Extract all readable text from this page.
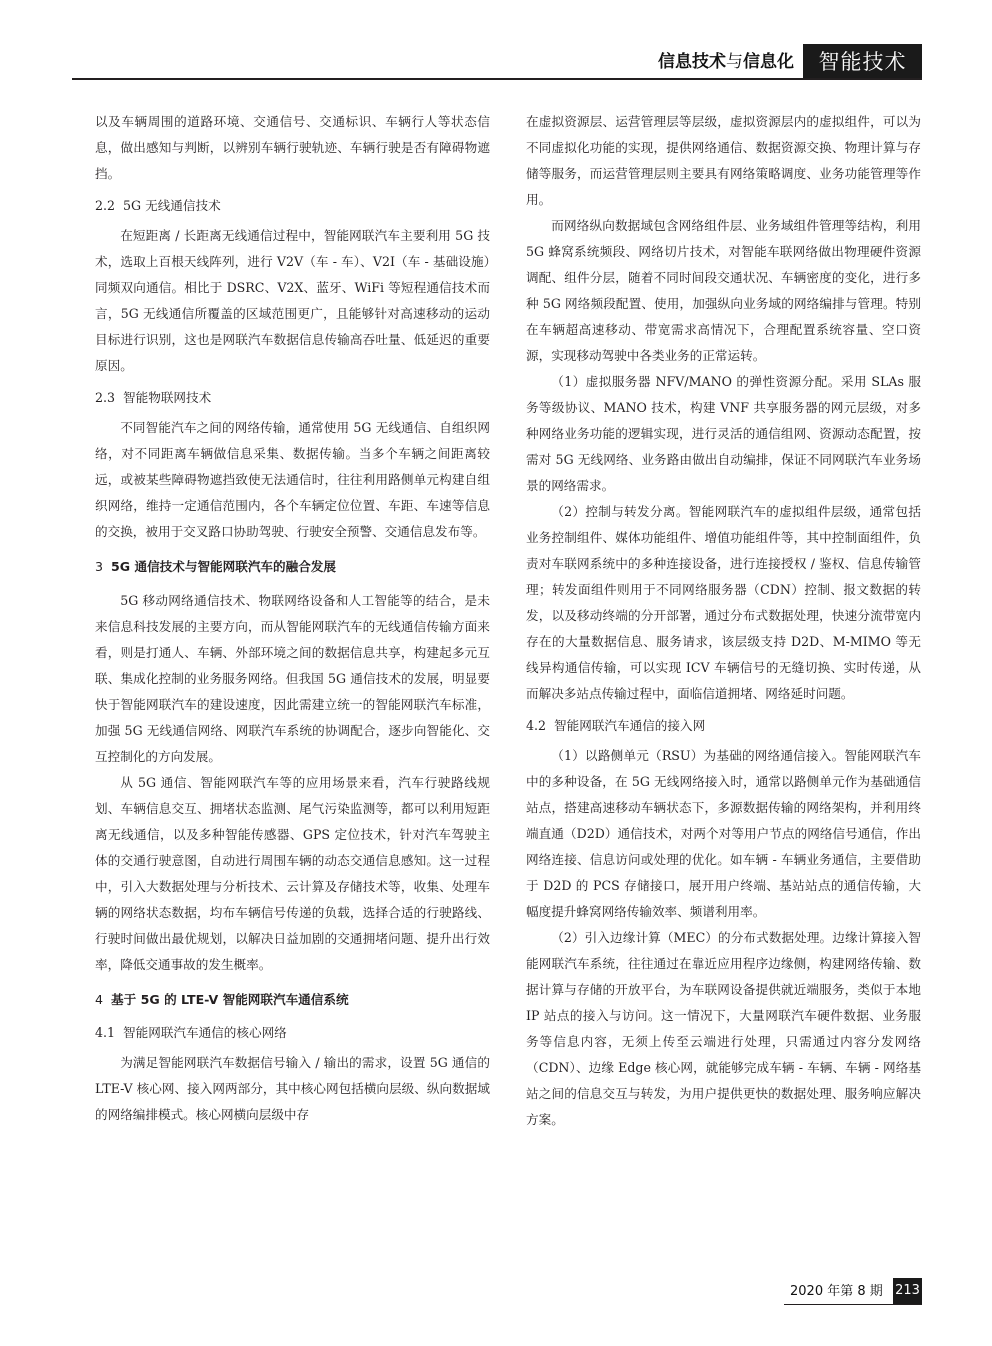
信息技术与信息化	智能技术

以及车辆周围的道路环境、交通信号、交通标识、车辆行人等状态信息，做出感知与判断，以辨别车辆行驶轨迹、车辆行驶是否有障碍物遮挡。

2.2 5G 无线通信技术

在短距离 / 长距离无线通信过程中，智能网联汽车主要利用 5G 技术，选取上百根天线阵列，进行 V2V（车 - 车）、V2I（车 - 基础设施）同频双向通信。相比于 DSRC、V2X、蓝牙、WiFi 等短程通信技术而言，5G 无线通信所覆盖的区域范围更广，且能够针对高速移动的运动目标进行识别，这也是网联汽车数据信息传输高吞吐量、低延迟的重要原因。

2.3 智能物联网技术

不同智能汽车之间的网络传输，通常使用 5G 无线通信、自组织网络，对不同距离车辆做信息采集、数据传输。当多个车辆之间距离较远，或被某些障碍物遮挡致使无法通信时，往往利用路侧单元构建自组织网络，维持一定通信范围内，各个车辆定位位置、车距、车速等信息的交换，被用于交叉路口协助驾驶、行驶安全预警、交通信息发布等。

3 5G 通信技术与智能网联汽车的融合发展

5G 移动网络通信技术、物联网络设备和人工智能等的结合，是未来信息科技发展的主要方向，而从智能网联汽车的无线通信传输方面来看，则是打通人、车辆、外部环境之间的数据信息共享，构建起多元互联、集成化控制的业务服务网络。但我国 5G 通信技术的发展，明显要快于智能网联汽车的建设速度，因此需建立统一的智能网联汽车标准，加强 5G 无线通信网络、网联汽车系统的协调配合，逐步向智能化、交互控制化的方向发展。

从 5G 通信、智能网联汽车等的应用场景来看，汽车行驶路线规划、车辆信息交互、拥堵状态监测、尾气污染监测等，都可以利用短距离无线通信，以及多种智能传感器、GPS 定位技术，针对汽车驾驶主体的交通行驶意图，自动进行周围车辆的动态交通信息感知。这一过程中，引入大数据处理与分析技术、云计算及存储技术等，收集、处理车辆的网络状态数据，均布车辆信号传递的负载，选择合适的行驶路线、行驶时间做出最优规划，以解决日益加剧的交通拥堵问题、提升出行效率，降低交通事故的发生概率。

4 基于 5G 的 LTE-V 智能网联汽车通信系统
4.1 智能网联汽车通信的核心网络

为满足智能网联汽车数据信号输入 / 输出的需求，设置 5G 通信的 LTE-V 核心网、接入网两部分，其中核心网包括横向层级、纵向数据域的网络编排模式。核心网横向层级中存

在虚拟资源层、运营管理层等层级，虚拟资源层内的虚拟组件，可以为不同虚拟化功能的实现，提供网络通信、数据资源交换、物理计算与存储等服务，而运营管理层则主要具有网络策略调度、业务功能管理等作用。

而网络纵向数据域包含网络组件层、业务域组件管理等结构，利用 5G 蜂窝系统频段、网络切片技术，对智能车联网络做出物理硬件资源调配、组件分层，随着不同时间段交通状况、车辆密度的变化，进行多种 5G 网络频段配置、使用，加强纵向业务域的网络编排与管理。特别在车辆超高速移动、带宽需求高情况下，合理配置系统容量、空口资源，实现移动驾驶中各类业务的正常运转。

（1）虚拟服务器 NFV/MANO 的弹性资源分配。采用 SLAs 服务等级协议、MANO 技术，构建 VNF 共享服务器的网元层级，对多种网络业务功能的逻辑实现，进行灵活的通信组网、资源动态配置，按需对 5G 无线网络、业务路由做出自动编排，保证不同网联汽车业务场景的网络需求。

（2）控制与转发分离。智能网联汽车的虚拟组件层级，通常包括业务控制组件、媒体功能组件、增值功能组件等，其中控制面组件，负责对车联网系统中的多种连接设备，进行连接授权 / 鉴权、信息传输管理；转发面组件则用于不同网络服务器（CDN）控制、报文数据的转发，以及移动终端的分开部署，通过分布式数据处理，快速分流带宽内存在的大量数据信息、服务请求，该层级支持 D2D、M-MIMO 等无线异构通信传输，可以实现 ICV 车辆信号的无缝切换、实时传递，从而解决多站点传输过程中，面临信道拥堵、网络延时问题。

4.2 智能网联汽车通信的接入网

（1）以路侧单元（RSU）为基础的网络通信接入。智能网联汽车中的多种设备，在 5G 无线网络接入时，通常以路侧单元作为基础通信站点，搭建高速移动车辆状态下，多源数据传输的网络架构，并利用终端直通（D2D）通信技术，对两个对等用户节点的网络信号通信，作出网络连接、信息访问或处理的优化。如车辆 - 车辆业务通信，主要借助于 D2D 的 PCS 存储接口，展开用户终端、基站站点的通信传输，大幅度提升蜂窝网络传输效率、频谱利用率。

（2）引入边缘计算（MEC）的分布式数据处理。边缘计算接入智能网联汽车系统，往往通过在靠近应用程序边缘侧，构建网络传输、数据计算与存储的开放平台，为车联网设备提供就近端服务，类似于本地 IP 站点的接入与访问。这一情况下，大量网联汽车硬件数据、业务服务等信息内容，无须上传至云端进行处理，只需通过内容分发网络（CDN）、边缘 Edge 核心网，就能够完成车辆 - 车辆、车辆 - 网络基站之间的信息交互与转发，为用户提供更快的数据处理、服务响应解决方案。

2020 年第 8 期 213
